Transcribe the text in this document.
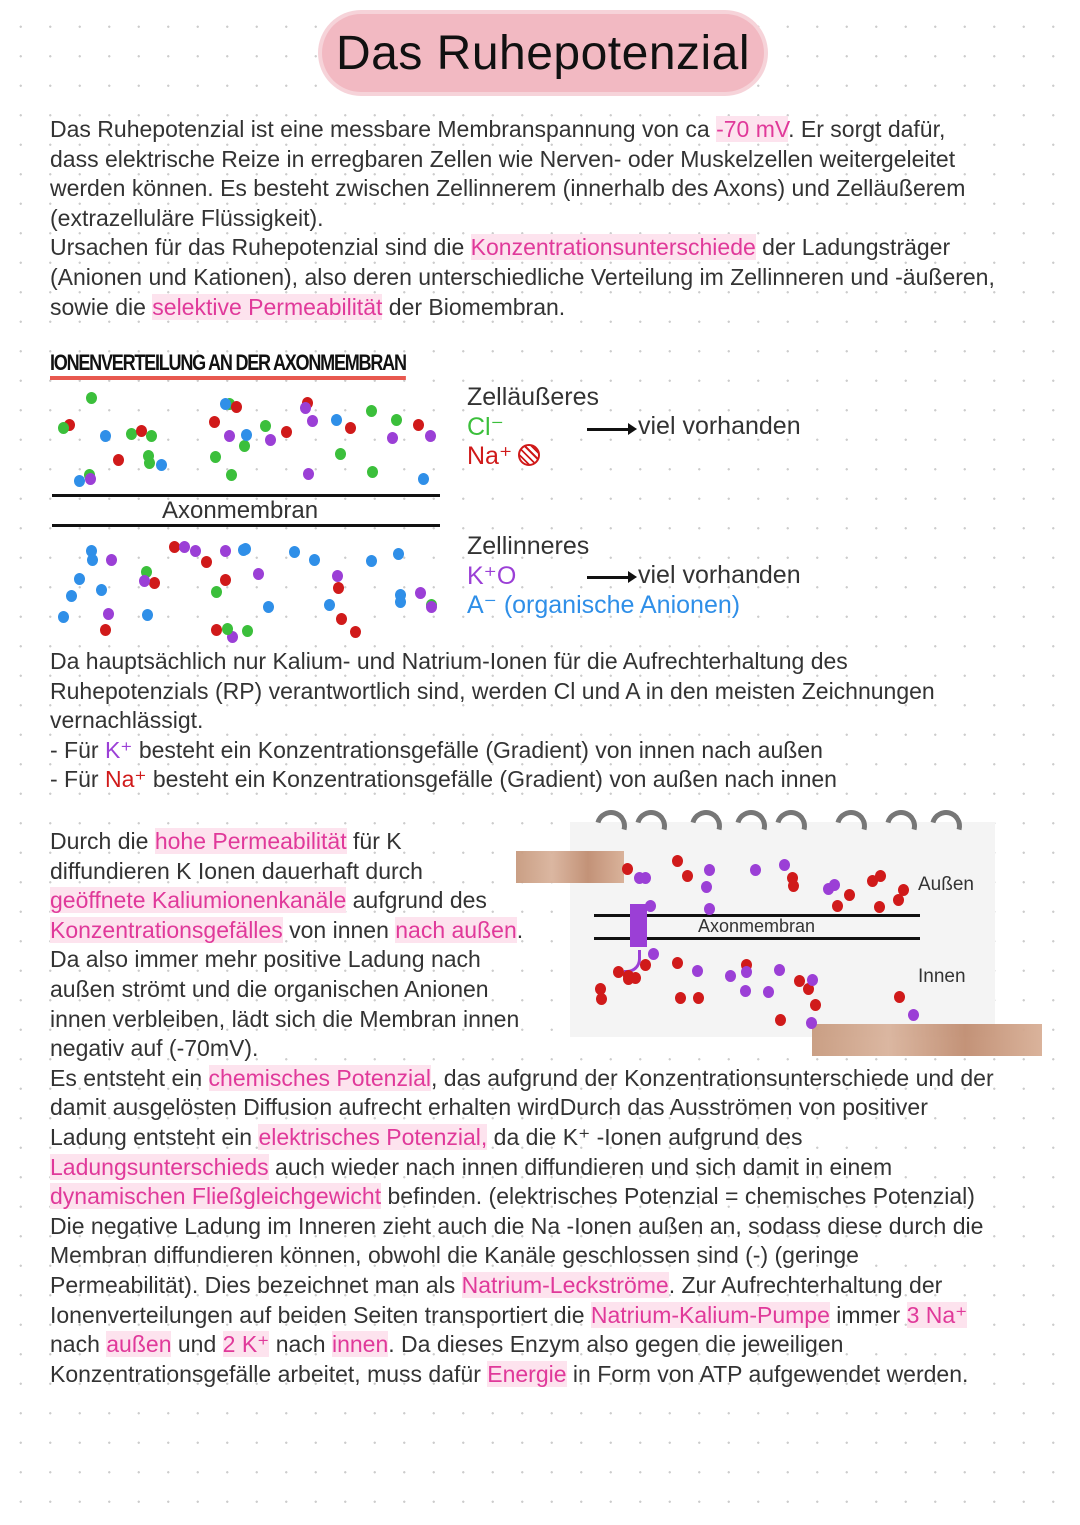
Das Ruhepotenzial
Das Ruhepotenzial ist eine messbare Membranspannung von ca -70 mV. Er sorgt dafür,
dass elektrische Reize in erregbaren Zellen wie Nerven- oder Muskelzellen weitergeleitet
werden können. Es besteht zwischen Zellinnerem (innerhalb des Axons) und Zelläußerem
(extrazelluläre Flüssigkeit).
Ursachen für das Ruhepotenzial sind die Konzentrationsunterschiede der Ladungsträger
(Anionen und Kationen), also deren unterschiedliche Verteilung im Zellinneren und -äußeren,
sowie die selektive Permeabilität der Biomembran.
IONENVERTEILUNG AN DER AXONMEMBRAN
Axonmembran
Zelläußeres
Cl⁻
Na⁺
viel vorhanden
Zellinneres
K⁺O	viel vorhanden
A⁻ (organische Anionen)
Da hauptsächlich nur Kalium- und Natrium-Ionen für die Aufrechterhaltung des
Ruhepotenzials (RP) verantwortlich sind, werden Cl und A in den meisten Zeichnungen
vernachlässigt.
- Für K⁺ besteht ein Konzentrationsgefälle (Gradient) von innen nach außen
- Für Na⁺ besteht ein Konzentrationsgefälle (Gradient) von außen nach innen
Axonmembran
Außen
Innen
Durch die hohe Permeabilität für K
diffundieren K Ionen dauerhaft durch
geöffnete Kaliumionenkanäle aufgrund des
Konzentrationsgefälles von innen nach außen.
Da also immer mehr positive Ladung nach
außen strömt und die organischen Anionen
innen verbleiben, lädt sich die Membran innen
negativ auf (-70mV).
Es entsteht ein chemisches Potenzial, das aufgrund der Konzentrationsunterschiede und der
damit ausgelösten Diffusion aufrecht erhalten wirdDurch das Ausströmen von positiver
Ladung entsteht ein elektrisches Potenzial, da die K⁺ -Ionen aufgrund des
Ladungsunterschieds auch wieder nach innen diffundieren und sich damit in einem
dynamischen Fließgleichgewicht befinden. (elektrisches Potenzial = chemisches Potenzial)
Die negative Ladung im Inneren zieht auch die Na -Ionen außen an, sodass diese durch die
Membran diffundieren können, obwohl die Kanäle geschlossen sind (-) (geringe
Permeabilität). Dies bezeichnet man als Natrium-Leckströme. Zur Aufrechterhaltung der
Ionenverteilungen auf beiden Seiten transportiert die Natrium-Kalium-Pumpe immer 3 Na⁺
nach außen und 2 K⁺ nach innen. Da dieses Enzym also gegen die jeweiligen
Konzentrationsgefälle arbeitet, muss dafür Energie in Form von ATP aufgewendet werden.
